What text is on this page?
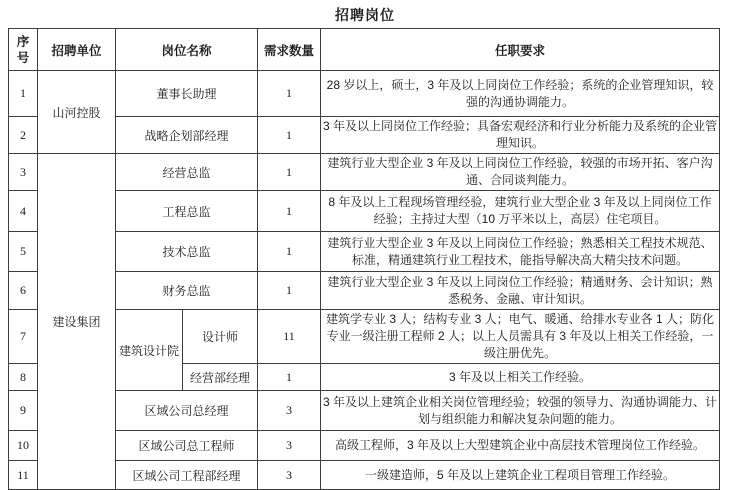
招聘岗位
序号	招聘单位	岗位名称		需求数量	任职要求
1	山河控股	董事长助理		1	28 岁以上，硕士，3 年及以上同岗位工作经验；系统的企业管理知识，较强的沟通协调能力。
2		战略企划部经理		1	3 年及以上同岗位工作经验；具备宏观经济和行业分析能力及系统的企业管理知识。
3	建设集团	经营总监		1	建筑行业大型企业 3 年及以上同岗位工作经验，较强的市场开拓、客户沟通、合同谈判能力。
4		工程总监		1	8 年及以上工程现场管理经验，建筑行业大型企业 3 年及以上同岗位工作经验；主持过大型（10 万平米以上，高层）住宅项目。
5		技术总监		1	建筑行业大型企业 3 年及以上同岗位工作经验；熟悉相关工程技术规范、标准，精通建筑行业工程技术，能指导解决高大精尖技术问题。
6		财务总监		1	建筑行业大型企业 3 年及以上同岗位工作经验；精通财务、会计知识；熟悉税务、金融、审计知识。
7		建筑设计院	设计师	11	建筑学专业 3 人；结构专业 3 人；电气、暖通、给排水专业各 1 人；防化专业一级注册工程师 2 人；以上人员需具有 3 年及以上相关工作经验，一级注册优先。
8			经营部经理	1	3 年及以上相关工作经验。
9		区域公司总经理		3	3 年及以上建筑企业相关岗位管理经验；较强的领导力、沟通协调能力、计划与组织能力和解决复杂问题的能力。
10		区域公司总工程师		3	高级工程师，3 年及以上大型建筑企业中高层技术管理岗位工作经验。
11		区域公司工程部经理		3	一级建造师，5 年及以上建筑企业工程项目管理工作经验。
